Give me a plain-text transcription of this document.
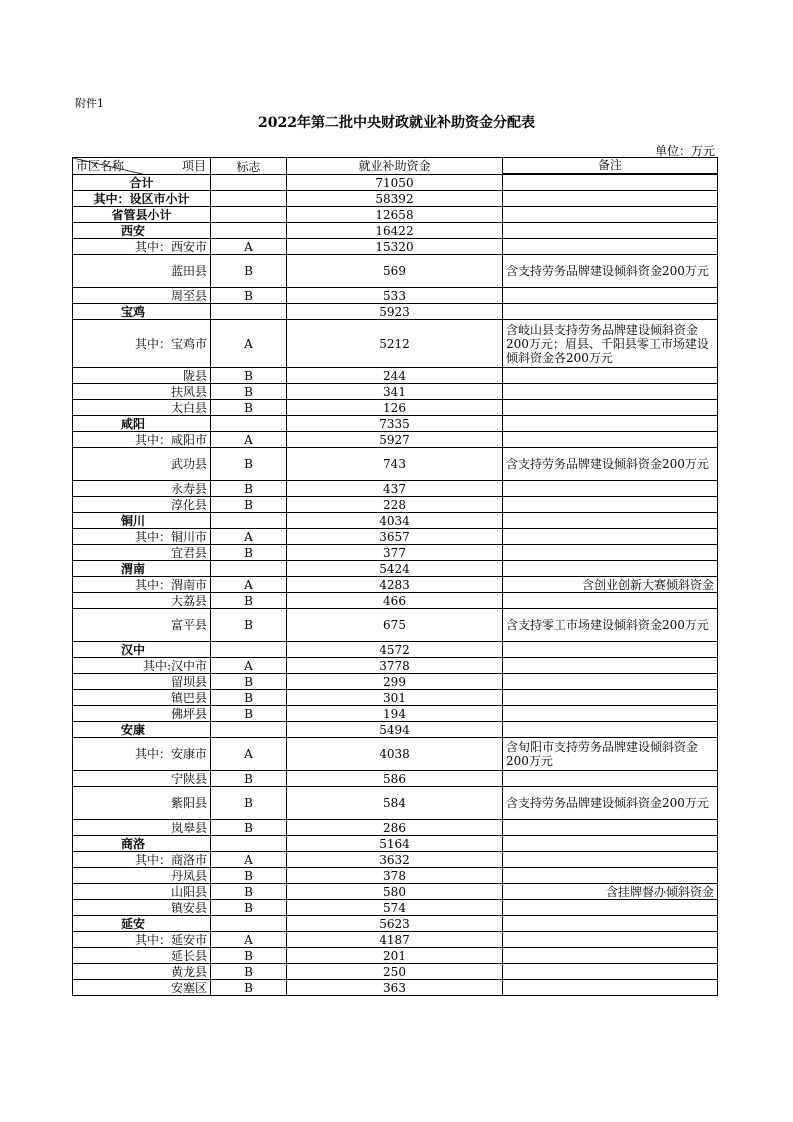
附件1
2022年第二批中央财政就业补助资金分配表
单位：万元
项目
市区名称	标志	就业补助资金	备注

合计		71050	
其中：设区市小计		58392	
省管县小计		12658	
西安		16422	
其中：西安市	A	15320	
蓝田县	B	569	含支持劳务品牌建设倾斜资金200万元
周至县	B	533	
宝鸡		5923	
其中：宝鸡市	A	5212	含岐山县支持劳务品牌建设倾斜资金200万元；眉县、千阳县零工市场建设倾斜资金各200万元
陇县	B	244	
扶风县	B	341	
太白县	B	126	
咸阳		7335	
其中：咸阳市	A	5927	
武功县	B	743	含支持劳务品牌建设倾斜资金200万元
永寿县	B	437	
淳化县	B	228	
铜川		4034	
其中：铜川市	A	3657	
宜君县	B	377	
渭南		5424	
其中：渭南市	A	4283	含创业创新大赛倾斜资金
大荔县	B	466	
富平县	B	675	含支持零工市场建设倾斜资金200万元
汉中		4572	
其中:汉中市	A	3778	
留坝县	B	299	
镇巴县	B	301	
佛坪县	B	194	
安康		5494	
其中：安康市	A	4038	含旬阳市支持劳务品牌建设倾斜资金200万元
宁陕县	B	586	
紫阳县	B	584	含支持劳务品牌建设倾斜资金200万元
岚皋县	B	286	
商洛		5164	
其中：商洛市	A	3632	
丹凤县	B	378	
山阳县	B	580	含挂牌督办倾斜资金
镇安县	B	574	
延安		5623	
其中：延安市	A	4187	
延长县	B	201	
黄龙县	B	250	
安塞区	B	363	
